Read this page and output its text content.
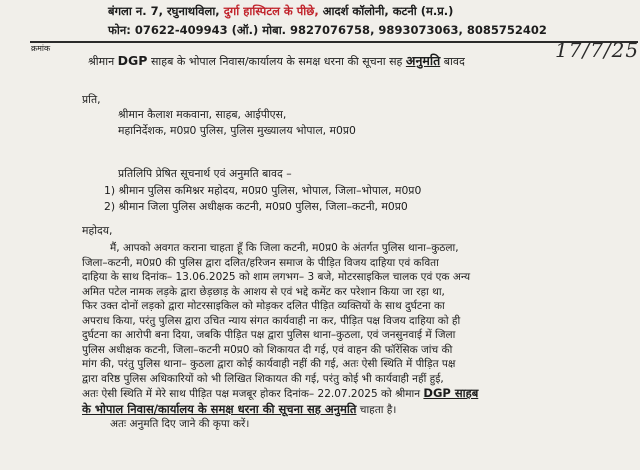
बंगला न. 7, रघुनाथविला, दुर्गा हास्पिटल के पीछे, आदर्श कॉलोनी, कटनी (म.प्र.)
फोन: 07622-409943 (ऑ.) मोबा. 9827076758, 9893073063, 8085752402
क्रमांक	17/7/25
श्रीमान DGP साहब के भोपाल निवास/कार्यालय के समक्ष धरना की सूचना सह अनुमति बावद
प्रति,
श्रीमान कैलाश मकवाना, साहब, आईपीएस,
महानिर्देशक, म0प्र0 पुलिस, पुलिस मुख्यालय भोपाल, म0प्र0
प्रतिलिपि प्रेषित सूचनार्थ एवं अनुमति बावद –
1) श्रीमान पुलिस कमिश्नर महोदय, म0प्र0 पुलिस, भोपाल, जिला–भोपाल, म0प्र0
2) श्रीमान जिला पुलिस अधीक्षक कटनी, म0प्र0 पुलिस, जिला–कटनी, म0प्र0
महोदय,
मैं, आपको अवगत कराना चाहता हूँ कि जिला कटनी, म0प्र0 के अंतर्गत पुलिस थाना–कुठला,
जिला–कटनी, म0प्र0 की पुलिस द्वारा दलित/हरिजन समाज के पीड़ित विजय दाहिया एवं कविता
दाहिया के साथ दिनांक– 13.06.2025 को शाम लगभग– 3 बजे, मोटरसाइकिल चालक एवं एक अन्य
अमित पटेल नामक लड़के द्वारा छेड़छाड़ के आशय से एवं भद्दे कमेंट कर परेशान किया जा रहा था,
फिर उक्त दोनों लड़को द्वारा मोटरसाइकिल को मोड़कर दलित पीड़ित व्यक्तियों के साथ दुर्घटना का
अपराध किया, परंतु पुलिस द्वारा उचित न्याय संगत कार्यवाही ना कर, पीड़ित पक्ष विजय दाहिया को ही
दुर्घटना का आरोपी बना दिया, जबकि पीड़ित पक्ष द्वारा पुलिस थाना–कुठला, एवं जनसुनवाई में जिला
पुलिस अधीक्षक कटनी, जिला–कटनी म0प्र0 को शिकायत दी गई, एवं वाहन की फॉरेंसिक जांच की
मांग की, परंतु पुलिस थाना– कुठला द्वारा कोई कार्यवाही नहीं की गई, अतः ऐसी स्थिति में पीड़ित पक्ष
द्वारा वरिष्ठ पुलिस अधिकारियों को भी लिखित शिकायत की गई, परंतु कोई भी कार्यवाही नहीं हुई,
अतः ऐसी स्थिति में मेरे साथ पीड़ित पक्ष मजबूर होकर दिनांक– 22.07.2025 को श्रीमान DGP साहब
के भोपाल निवास/कार्यालय के समक्ष धरना की सूचना सह अनुमति चाहता है।
अतः अनुमति दिए जाने की कृपा करें।
